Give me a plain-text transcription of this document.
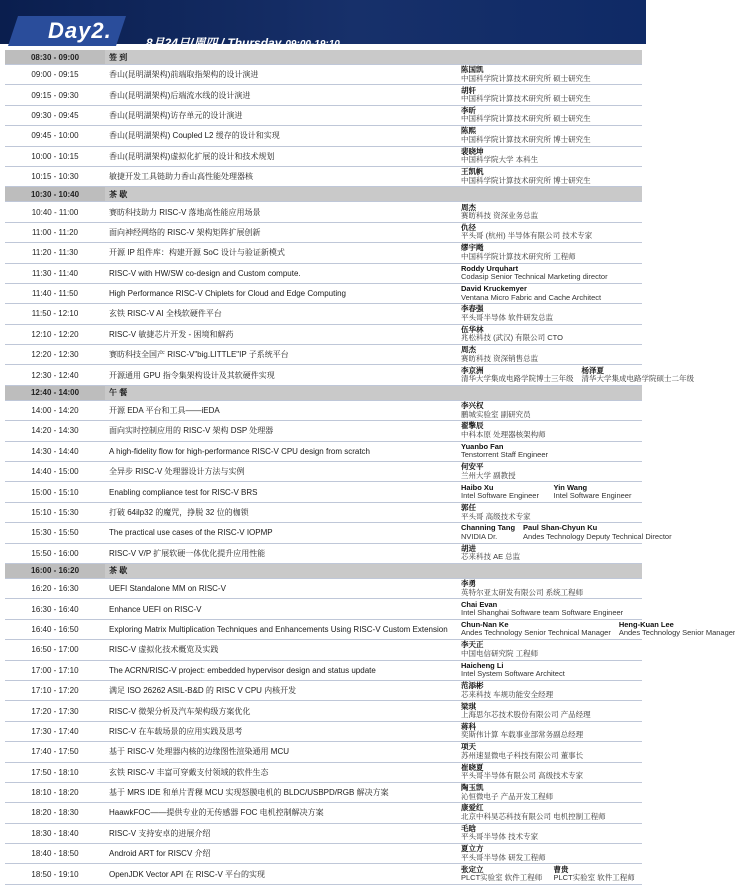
Day2.	8月24日/周四 / Thursday 09:00-19:10
08:30 - 09:00	签 到	
09:00 - 09:15	香山(昆明湖架构)前端取指架构的设计演进	陈国凯
中国科学院计算技术研究所 硕士研究生

09:15 - 09:30	香山(昆明湖架构)后端流水线的设计演进	胡轩
中国科学院计算技术研究所 硕士研究生

09:30 - 09:45	香山(昆明湖架构)访存单元的设计演进	李昕
中国科学院计算技术研究所 硕士研究生

09:45 - 10:00	香山(昆明湖架构) Coupled L2 缓存的设计和实现	陈熙
中国科学院计算技术研究所 博士研究生

10:00 - 10:15	香山(昆明湖架构)虚拟化扩展的设计和技术规划	裴晓坤
中国科学院大学 本科生

10:15 - 10:30	敏捷开发工具链助力香山高性能处理器核	王凯帆
中国科学院计算技术研究所 博士研究生

10:30 - 10:40	茶 歇	
10:40 - 11:00	赛昉科技助力 RISC-V 落地高性能应用场景	周杰
赛昉科技 资深业务总监

11:00 - 11:20	面向神经网络的 RISC-V 架构矩阵扩展创新	仇径
平头哥 (杭州) 半导体有限公司 技术专家

11:20 - 11:30	开源 IP 组件库：构建开源 SoC 设计与验证新模式	缪宇飏
中国科学院计算技术研究所 工程师

11:30 - 11:40	RISC-V with HW/SW co-design and Custom compute.	Roddy Urquhart
Codasip Senior Technical Marketing director

11:40 - 11:50	High Performance RISC-V Chiplets for Cloud and Edge Computing	David Kruckemyer
Ventana Micro Fabric and Cache Architect

11:50 - 12:10	玄铁 RISC-V AI 全栈软硬件平台	李春强
平头哥半导体 软件研发总监

12:10 - 12:20	RISC-V 敏捷芯片开发 - 困境和解药	伍华林
兆松科技 (武汉) 有限公司 CTO

12:20 - 12:30	赛昉科技全国产 RISC-V"big.LITTLE"IP 子系统平台	周杰
赛昉科技 资深销售总监

12:30 - 12:40	开源通用 GPU 指令集架构设计及其软硬件实现	李京洲
清华大学集成电路学院博士三年级
杨泽夏
清华大学集成电路学院硕士二年级

12:40 - 14:00	午 餐	
14:00 - 14:20	开源 EDA 平台和工具——iEDA	李兴权
鹏城实验室 副研究员

14:20 - 14:30	面向实时控制应用的 RISC-V 架构 DSP 处理器	翟擎辰
中科本原 处理器核架构师

14:30 - 14:40	A high-fidelity flow for high-performance RISC-V CPU design from scratch	Yuanbo Fan
Tenstorrent Staff Engineer

14:40 - 15:00	全异步 RISC-V 处理器设计方法与实例	何安平
兰州大学 副教授

15:00 - 15:10	Enabling compliance test for RISC-V BRS	Haibo Xu
Intel Software Engineer
Yin Wang
Intel Software Engineer

15:10 - 15:30	打破 64ilp32 的魔咒，挣脱 32 位的枷锁	郭任
平头哥 高级技术专家

15:30 - 15:50	The practical use cases of the RISC-V IOPMP	Channing Tang
NVIDIA Dr.
Paul Shan-Chyun Ku
Andes Technology Deputy Technical Director

15:50 - 16:00	RISC-V V/P 扩展软硬一体优化提升应用性能	胡进
芯来科技 AE 总监

16:00 - 16:20	茶 歇	
16:20 - 16:30	UEFI Standalone MM on RISC-V	李勇
英特尔亚太研发有限公司 系统工程师

16:30 - 16:40	Enhance UEFI on RISC-V	Chai Evan
Intel Shanghai Software team Software Engineer

16:40 - 16:50	Exploring Matrix Multiplication Techniques and Enhancements Using RISC-V Custom Extension	Chun-Nan Ke
Andes Technology Senior Technical Manager
Heng-Kuan Lee
Andes Technology Senior Manager

16:50 - 17:00	RISC-V 虚拟化技术概览及实践	李天正
中国电信研究院 工程师

17:00 - 17:10	The ACRN/RISC-V project: embedded hypervisor design and status update	Haicheng Li
Intel System Software Architect

17:10 - 17:20	满足 ISO 26262 ASIL-B&D 的 RISC V CPU 内核开发	范添彬
芯来科技 车规功能安全经理

17:20 - 17:30	RISC-V 微架分析及汽车架构级方案优化	梁琪
上海思尔芯技术股份有限公司 产品经理

17:30 - 17:40	RISC-V 在车载场景的应用实践及思考	蒋科
奕斯伟计算 车载事业部常务副总经理

17:40 - 17:50	基于 RISC-V 处理器内核的边缘图性渲染通用 MCU	项天
苏州速显微电子科技有限公司 董事长

17:50 - 18:10	玄铁 RISC-V 丰富可穿戴支付领域的软件生态	崔晓夏
平头哥半导体有限公司 高级技术专家

18:10 - 18:20	基于 MRS IDE 和单片青稞 MCU 实现怒膜电机的 BLDC/USBPD/RGB 解决方案	陶玉凯
沁恒微电子 产品开发工程师

18:20 - 18:30	HaawkFOC——提供专业的无传感器 FOC 电机控制解决方案	康爱红
北京中科昊芯科技有限公司 电机控制工程师

18:30 - 18:40	RISC-V 支持安卓的进展介绍	毛晗
平头哥半导体 技术专家

18:40 - 18:50	Android ART for RISCV 介绍	夏立方
平头哥半导体 研发工程师

18:50 - 19:10	OpenJDK Vector API 在 RISC-V 平台的实现	张定立
PLCT实验室 软件工程师
曹贵
PLCT实验室 软件工程师
